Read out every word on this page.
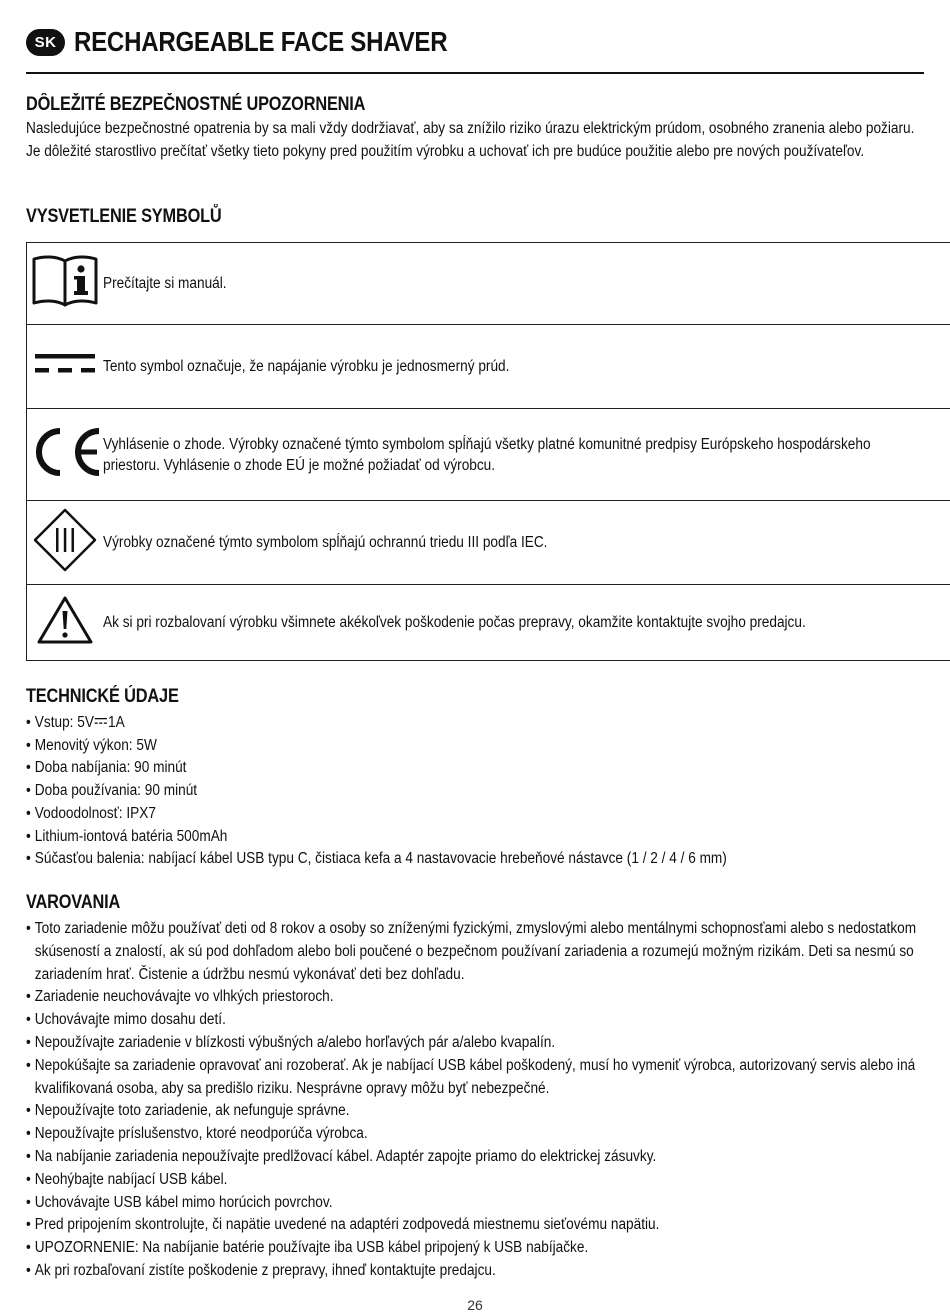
SK RECHARGEABLE FACE SHAVER
DÔLEŽITÉ BEZPEČNOSTNÉ UPOZORNENIA
Nasledujúce bezpečnostné opatrenia by sa mali vždy dodržiavať, aby sa znížilo riziko úrazu elektrickým prúdom, osobného zranenia alebo požiaru. Je dôležité starostlivo prečítať všetky tieto pokyny pred použitím výrobku a uchovať ich pre budúce použitie alebo pre nových používateľov.
VYSVETLENIE SYMBOLŮ

Prečítajte si manuál.

Tento symbol označuje, že napájanie výrobku je jednosmerný prúd.

Vyhlásenie o zhode. Výrobky označené týmto symbolom spĺňajú všetky platné komunitné predpisy Európskeho hospodárskeho priestoru. Vyhlásenie o zhode EÚ je možné požiadať od výrobcu.

Výrobky označené týmto symbolom spĺňajú ochrannú triedu III podľa IEC.

Ak si pri rozbalovaní výrobku všimnete akékoľvek poškodenie počas prepravy, okamžite kontaktujte svojho predajcu.
TECHNICKÉ ÚDAJE
• Vstup: 5V 1A
• Menovitý výkon: 5W
• Doba nabíjania: 90 minút
• Doba používania: 90 minút
• Vodoodolnosť: IPX7
• Lithium-iontová batéria 500mAh
• Súčasťou balenia: nabíjací kábel USB typu C, čistiaca kefa a 4 nastavovacie hrebeňové nástavce (1 / 2 / 4 / 6 mm)
VAROVANIA
• Toto zariadenie môžu používať deti od 8 rokov a osoby so zníženými fyzickými, zmyslovými alebo mentálnymi schopnosťami alebo s nedostatkom skúseností a znalostí, ak sú pod dohľadom alebo boli poučené o bezpečnom používaní zariadenia a rozumejú možným rizikám. Deti sa nesmú so zariadením hrať. Čistenie a údržbu nesmú vykonávať deti bez dohľadu.
• Zariadenie neuchovávajte vo vlhkých priestoroch.
• Uchovávajte mimo dosahu detí.
• Nepoužívajte zariadenie v blízkosti výbušných a/alebo horľavých pár a/alebo kvapalín.
• Nepokúšajte sa zariadenie opravovať ani rozoberať. Ak je nabíjací USB kábel poškodený, musí ho vymeniť výrobca, autorizovaný servis alebo iná kvalifikovaná osoba, aby sa predišlo riziku. Nesprávne opravy môžu byť nebezpečné.
• Nepoužívajte toto zariadenie, ak nefunguje správne.
• Nepoužívajte príslušenstvo, ktoré neodporúča výrobca.
• Na nabíjanie zariadenia nepoužívajte predlžovací kábel. Adaptér zapojte priamo do elektrickej zásuvky.
• Neohýbajte nabíjací USB kábel.
• Uchovávajte USB kábel mimo horúcich povrchov.
• Pred pripojením skontrolujte, či napätie uvedené na adaptéri zodpovedá miestnemu sieťovému napätiu.
• UPOZORNENIE: Na nabíjanie batérie používajte iba USB kábel pripojený k USB nabíjačke.
• Ak pri rozbaľovaní zistíte poškodenie z prepravy, ihneď kontaktujte predajcu.
26
